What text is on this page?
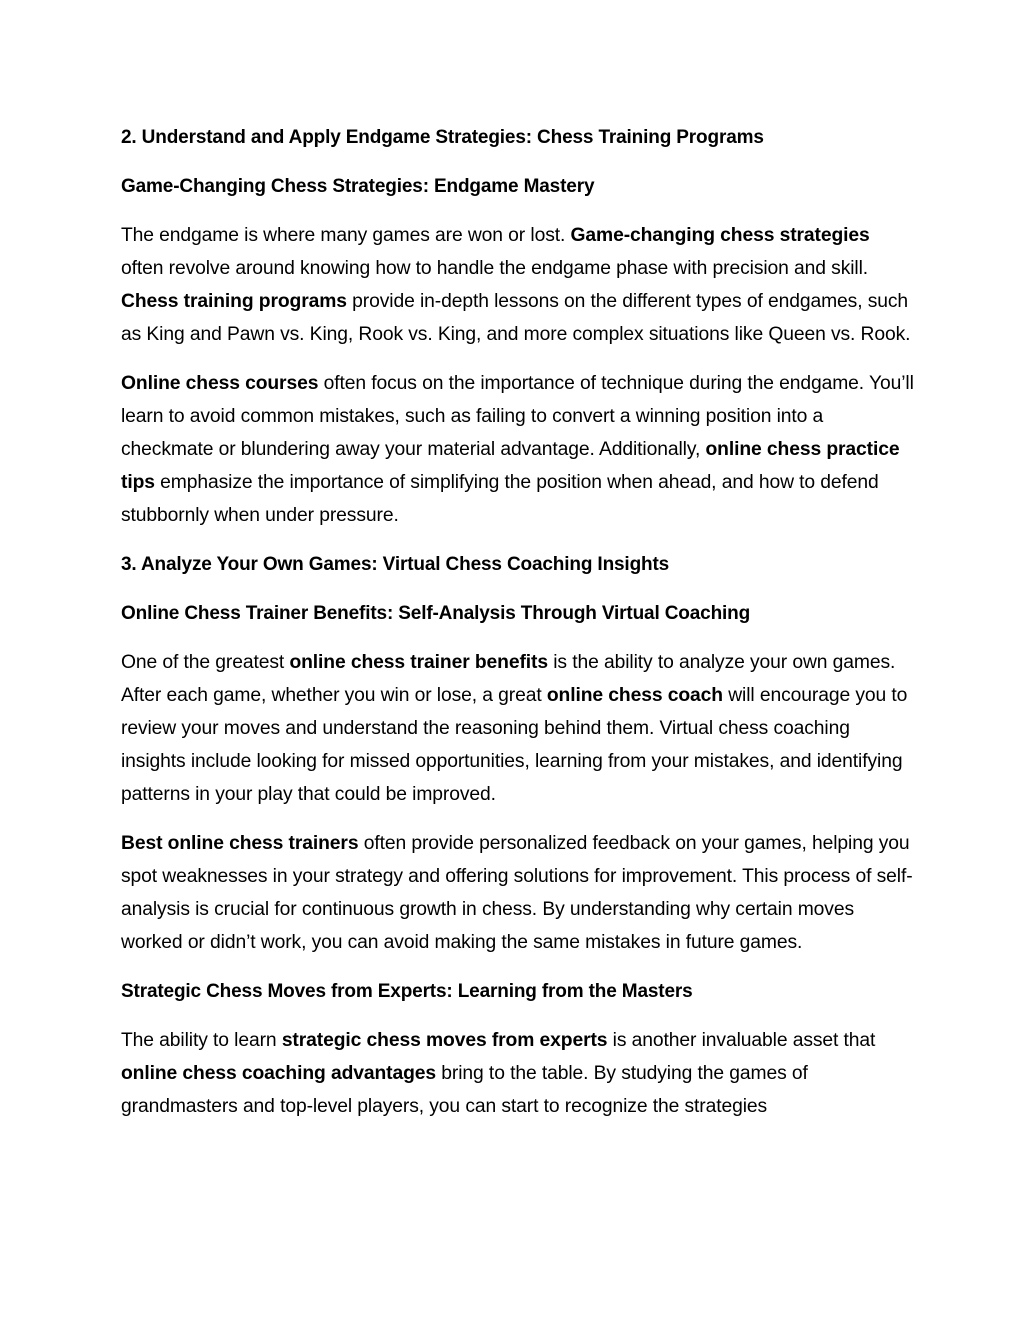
2. Understand and Apply Endgame Strategies: Chess Training Programs
Game-Changing Chess Strategies: Endgame Mastery

The endgame is where many games are won or lost. Game-changing chess strategies often revolve around knowing how to handle the endgame phase with precision and skill. Chess training programs provide in-depth lessons on the different types of endgames, such as King and Pawn vs. King, Rook vs. King, and more complex situations like Queen vs. Rook.

Online chess courses often focus on the importance of technique during the endgame. You’ll learn to avoid common mistakes, such as failing to convert a winning position into a checkmate or blundering away your material advantage. Additionally, online chess practice tips emphasize the importance of simplifying the position when ahead, and how to defend stubbornly when under pressure.

3. Analyze Your Own Games: Virtual Chess Coaching Insights
Online Chess Trainer Benefits: Self-Analysis Through Virtual Coaching

One of the greatest online chess trainer benefits is the ability to analyze your own games. After each game, whether you win or lose, a great online chess coach will encourage you to review your moves and understand the reasoning behind them. Virtual chess coaching insights include looking for missed opportunities, learning from your mistakes, and identifying patterns in your play that could be improved.

Best online chess trainers often provide personalized feedback on your games, helping you spot weaknesses in your strategy and offering solutions for improvement. This process of self-analysis is crucial for continuous growth in chess. By understanding why certain moves worked or didn’t work, you can avoid making the same mistakes in future games.

Strategic Chess Moves from Experts: Learning from the Masters

The ability to learn strategic chess moves from experts is another invaluable asset that online chess coaching advantages bring to the table. By studying the games of grandmasters and top-level players, you can start to recognize the strategies
